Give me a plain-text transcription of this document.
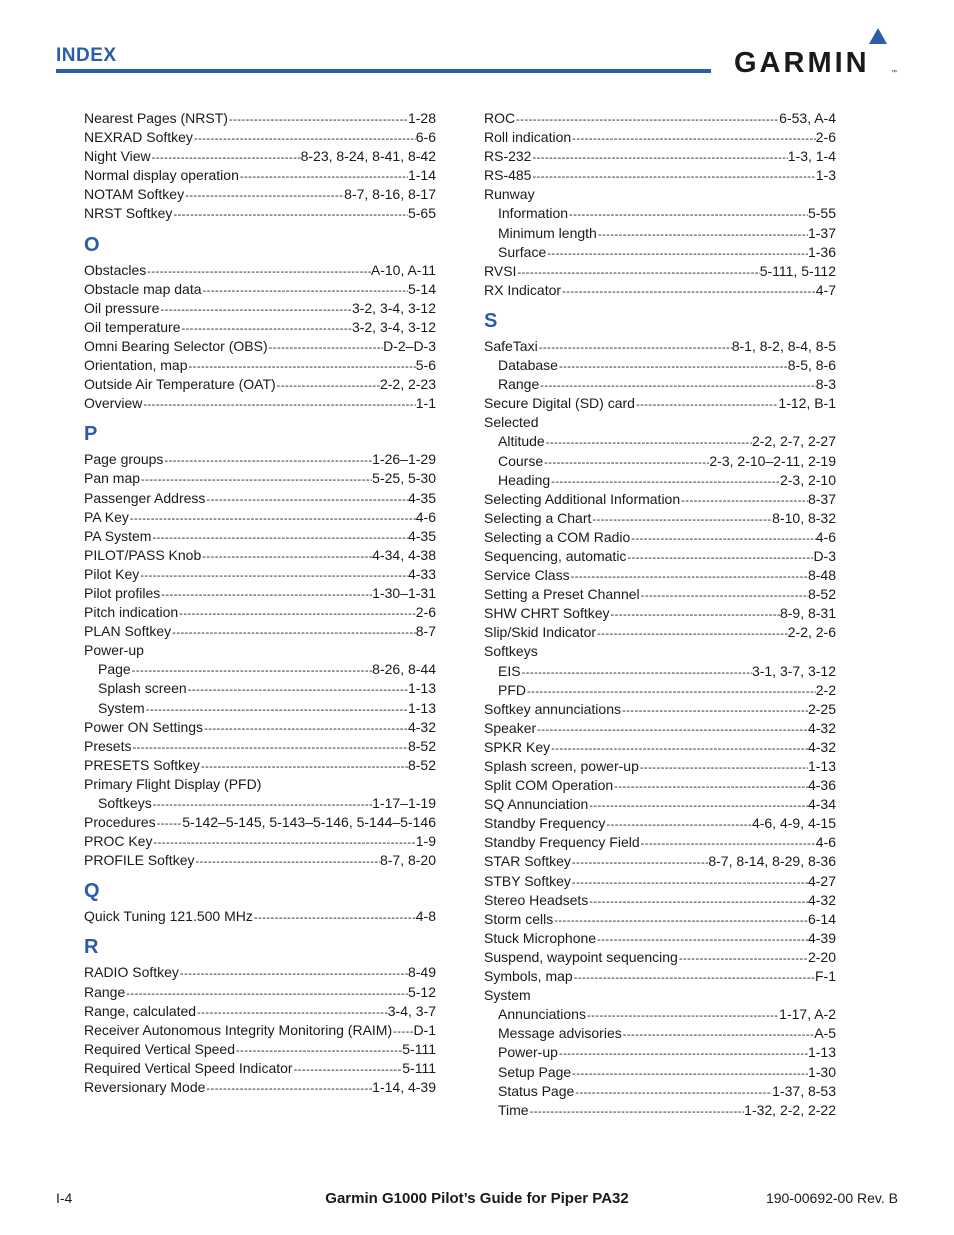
INDEX	GARMIN	™
Nearest Pages (NRST) -----	1-28
NEXRAD Softkey -----	6-6
Night View -----	8-23, 8-24, 8-41, 8-42
Normal display operation -----	1-14
NOTAM Softkey -----	8-7, 8-16, 8-17
NRST Softkey -----	5-65
O
Obstacles -----	A-10, A-11
Obstacle map data -----	5-14
Oil pressure -----	3-2, 3-4, 3-12
Oil temperature -----	3-2, 3-4, 3-12
Omni Bearing Selector (OBS) -----	D-2–D-3
Orientation, map -----	5-6
Outside Air Temperature (OAT) -----	2-2, 2-23
Overview -----	1-1
P
Page groups -----	1-26–1-29
Pan map -----	5-25, 5-30
Passenger Address -----	4-35
PA Key -----	4-6
PA System -----	4-35
PILOT/PASS Knob -----	4-34, 4-38
Pilot Key -----	4-33
Pilot profiles -----	1-30–1-31
Pitch indication -----	2-6
PLAN Softkey -----	8-7
Power-up
Page -----	8-26, 8-44
Splash screen -----	1-13
System -----	1-13
Power ON Settings -----	4-32
Presets -----	8-52
PRESETS Softkey -----	8-52
Primary Flight Display (PFD)
Softkeys -----	1-17–1-19
Procedures ----- 5-142–5-145, 5-143–5-146, 5-144–5-146
PROC Key -----	1-9
PROFILE Softkey -----	8-7, 8-20
Q
Quick Tuning 121.500 MHz -----	4-8
R
RADIO Softkey -----	8-49
Range -----	5-12
Range, calculated -----	3-4, 3-7
Receiver Autonomous Integrity Monitoring (RAIM) ----- D-1
Required Vertical Speed -----	5-111
Required Vertical Speed Indicator -----	5-111
Reversionary Mode -----	1-14, 4-39
ROC -----	6-53, A-4
Roll indication -----	2-6
RS-232 -----	1-3, 1-4
RS-485 -----	1-3
Runway
Information -----	5-55
Minimum length -----	1-37
Surface -----	1-36
RVSI -----	5-111, 5-112
RX Indicator -----	4-7
S
SafeTaxi -----	8-1, 8-2, 8-4, 8-5
Database -----	8-5, 8-6
Range -----	8-3
Secure Digital (SD) card -----	1-12, B-1
Selected
Altitude -----	2-2, 2-7, 2-27
Course -----	2-3, 2-10–2-11, 2-19
Heading -----	2-3, 2-10
Selecting Additional Information -----	8-37
Selecting a Chart -----	8-10, 8-32
Selecting a COM Radio -----	4-6
Sequencing, automatic -----	D-3
Service Class -----	8-48
Setting a Preset Channel -----	8-52
SHW CHRT Softkey -----	8-9, 8-31
Slip/Skid Indicator -----	2-2, 2-6
Softkeys
EIS -----	3-1, 3-7, 3-12
PFD -----	2-2
Softkey annunciations -----	2-25
Speaker -----	4-32
SPKR Key -----	4-32
Splash screen, power-up -----	1-13
Split COM Operation -----	4-36
SQ Annunciation -----	4-34
Standby Frequency -----	4-6, 4-9, 4-15
Standby Frequency Field -----	4-6
STAR Softkey -----	8-7, 8-14, 8-29, 8-36
STBY Softkey -----	4-27
Stereo Headsets -----	4-32
Storm cells -----	6-14
Stuck Microphone -----	4-39
Suspend, waypoint sequencing -----	2-20
Symbols, map -----	F-1
System
Annunciations -----	1-17, A-2
Message advisories -----	A-5
Power-up -----	1-13
Setup Page -----	1-30
Status Page -----	1-37, 8-53
Time -----	1-32, 2-2, 2-22
I-4	Garmin G1000 Pilot’s Guide for Piper PA32	190-00692-00 Rev. B
